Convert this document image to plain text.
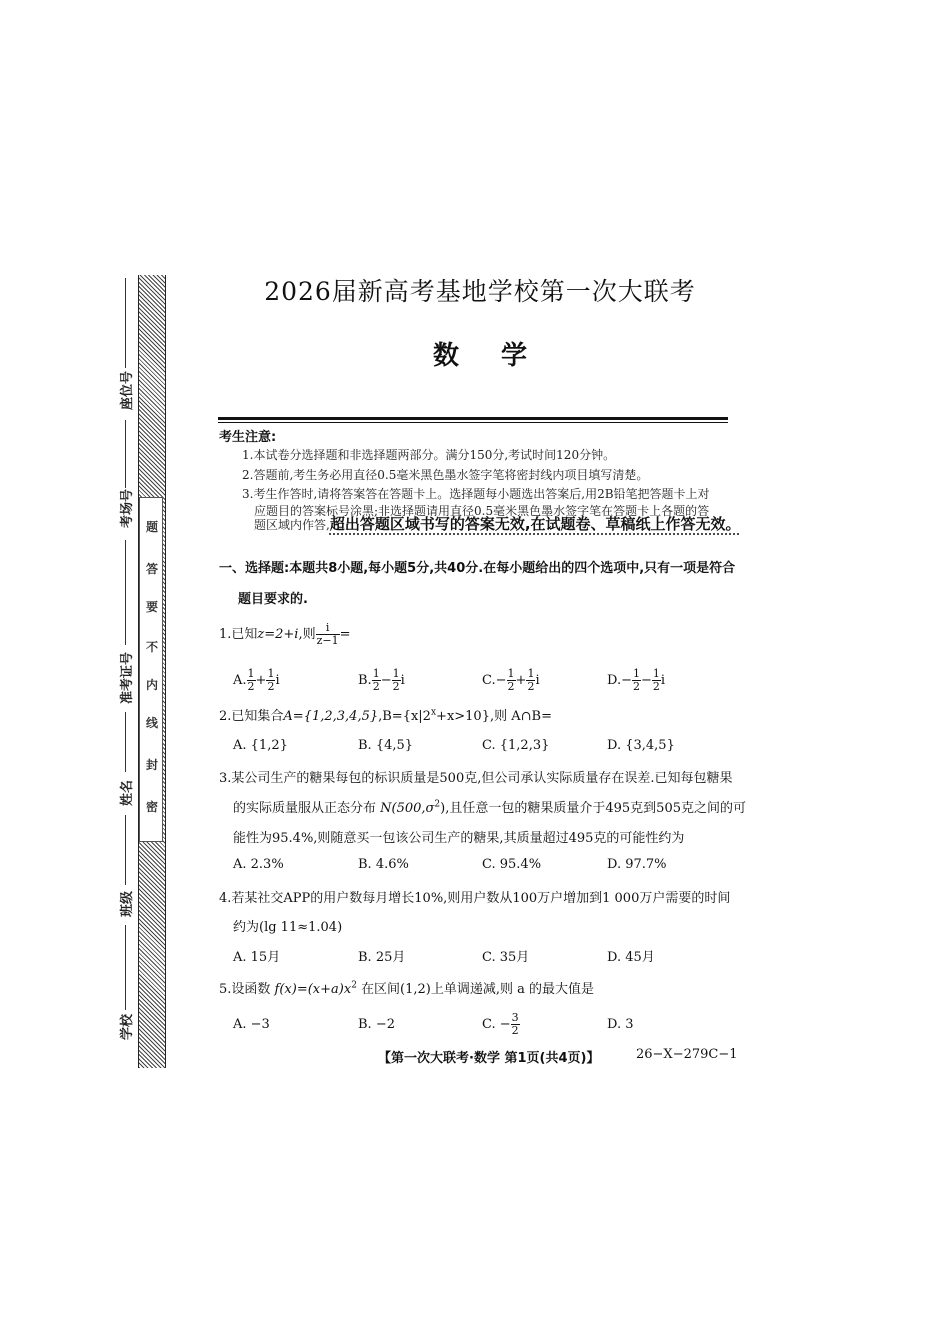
座位号
考场号
准考证号
姓名
班级
学校
密
封
线
内
不
要
答
题
2026届新高考基地学校第一次大联考
数学
考生注意:
1.本试卷分选择题和非选择题两部分。满分150分,考试时间120分钟。
2.答题前,考生务必用直径0.5毫米黑色墨水签字笔将密封线内项目填写清楚。
3.考生作答时,请将答案答在答题卡上。选择题每小题选出答案后,用2B铅笔把答题卡上对
应题目的答案标号涂黑;非选择题请用直径0.5毫米黑色墨水签字笔在答题卡上各题的答
题区域内作答,超出答题区域书写的答案无效,在试题卷、草稿纸上作答无效。
一、选择题:本题共8小题,每小题5分,共40分.在每小题给出的四个选项中,只有一项是符合
题目要求的.
1.已知z=2+i,则 $\frac{i}{z-1}$ =
A. $\frac{1}{2} + \frac{1}{2}$ i	B. $\frac{1}{2} - \frac{1}{2}$ i	$C.- \frac{1}{2} + \frac{1}{2}$ i	$D.- \frac{1}{2} - \frac{1}{2}$ i
2.已知集合$A=\{1,2,3,4,5\},B=\{x|2^x+x>10\}$,则 A∩B=
A. {1,2}	B. {4,5}	C. {1,2,3}	D. {3,4,5}
3.某公司生产的糖果每包的标识质量是500克,但公司承认实际质量存在误差.已知每包糖果
的实际质量服从正态分布 $N(500,\sigma^2)$,且任意一包的糖果质量介于495克到505克之间的可
能性为95.4%,则随意买一包该公司生产的糖果,其质量超过495克的可能性约为
A. 2.3%	B. 4.6%	C. 95.4%	D. 97.7%
4.若某社交APP的用户数每月增长10%,则用户数从100万户增加到1 000万户需要的时间
约为(lg 11≈1.04)
A. 15月	B. 25月	C. 35月	D. 45月
5.设函数 $f(x)=(x+a)x^2$ 在区间(1,2)上单调递减,则 a 的最大值是
A. −3	B. −2	C. − $\frac{3}{2}$	D. 3
【第一次大联考·数学 第1页(共4页)】	26−X−279C−1
